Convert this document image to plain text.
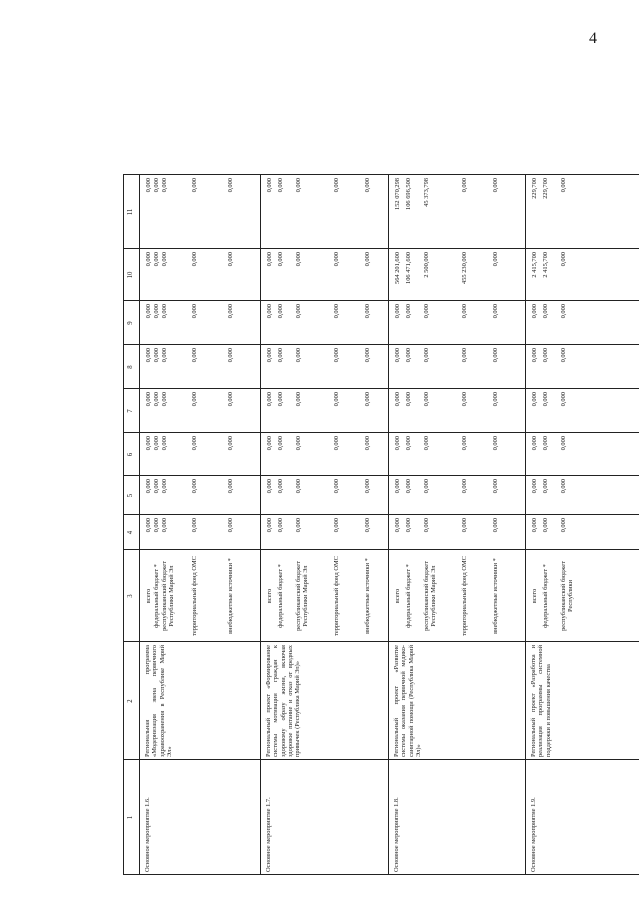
4
1
2
3
4
5
6
7
8
9
10
11
Основное мероприятие 1.6.
Региональная программа «Модернизация звена первичного здравоохранения в Республике Марий Эл»
всего
0,000
0,000
0,000
0,000
0,000
0,000
0,000
0,000
федеральный бюджет *
0,000
0,000
0,000
0,000
0,000
0,000
0,000
0,000
республиканский бюджет Республики Марий Эл
0,000
0,000
0,000
0,000
0,000
0,000
0,000
0,000
территориальный фонд ОМС
0,000
0,000
0,000
0,000
0,000
0,000
0,000
0,000
внебюджетные источники *
0,000
0,000
0,000
0,000
0,000
0,000
0,000
0,000
Основное мероприятие 1.7.
Региональный проект «Формирование системы мотивации граждан к здоровому образу жизни, включая здоровое питание и отказ от вредных привычек (Республика Марий Эл)»
всего
0,000
0,000
0,000
0,000
0,000
0,000
0,000
0,000
федеральный бюджет *
0,000
0,000
0,000
0,000
0,000
0,000
0,000
0,000
республиканский бюджет Республики Марий Эл
0,000
0,000
0,000
0,000
0,000
0,000
0,000
0,000
территориальный фонд ОМС
0,000
0,000
0,000
0,000
0,000
0,000
0,000
0,000
внебюджетные источники *
0,000
0,000
0,000
0,000
0,000
0,000
0,000
0,000
Основное мероприятие 1.8.
Региональный проект «Развитие системы оказания первичной медико-санитарной помощи (Республика Марий Эл)»
всего
0,000
0,000
0,000
0,000
0,000
0,000
564 201,600
152 070,298
федеральный бюджет *
0,000
0,000
0,000
0,000
0,000
0,000
106 471,600
106 696,500
республиканский бюджет Республики Марий Эл
0,000
0,000
0,000
0,000
0,000
0,000
2 500,000
45 373,798
территориальный фонд ОМС
0,000
0,000
0,000
0,000
0,000
0,000
455 230,000
0,000
внебюджетные источники *
0,000
0,000
0,000
0,000
0,000
0,000
0,000
0,000
Основное мероприятие 1.9.
Региональный проект «Разработка и реализация программы системной поддержки и повышения качества
всего
0,000
0,000
0,000
0,000
0,000
0,000
2 415,700
229,700
федеральный бюджет *
0,000
0,000
0,000
0,000
0,000
0,000
2 415,700
229,700
республиканский бюджет Республики
0,000
0,000
0,000
0,000
0,000
0,000
0,000
0,000
